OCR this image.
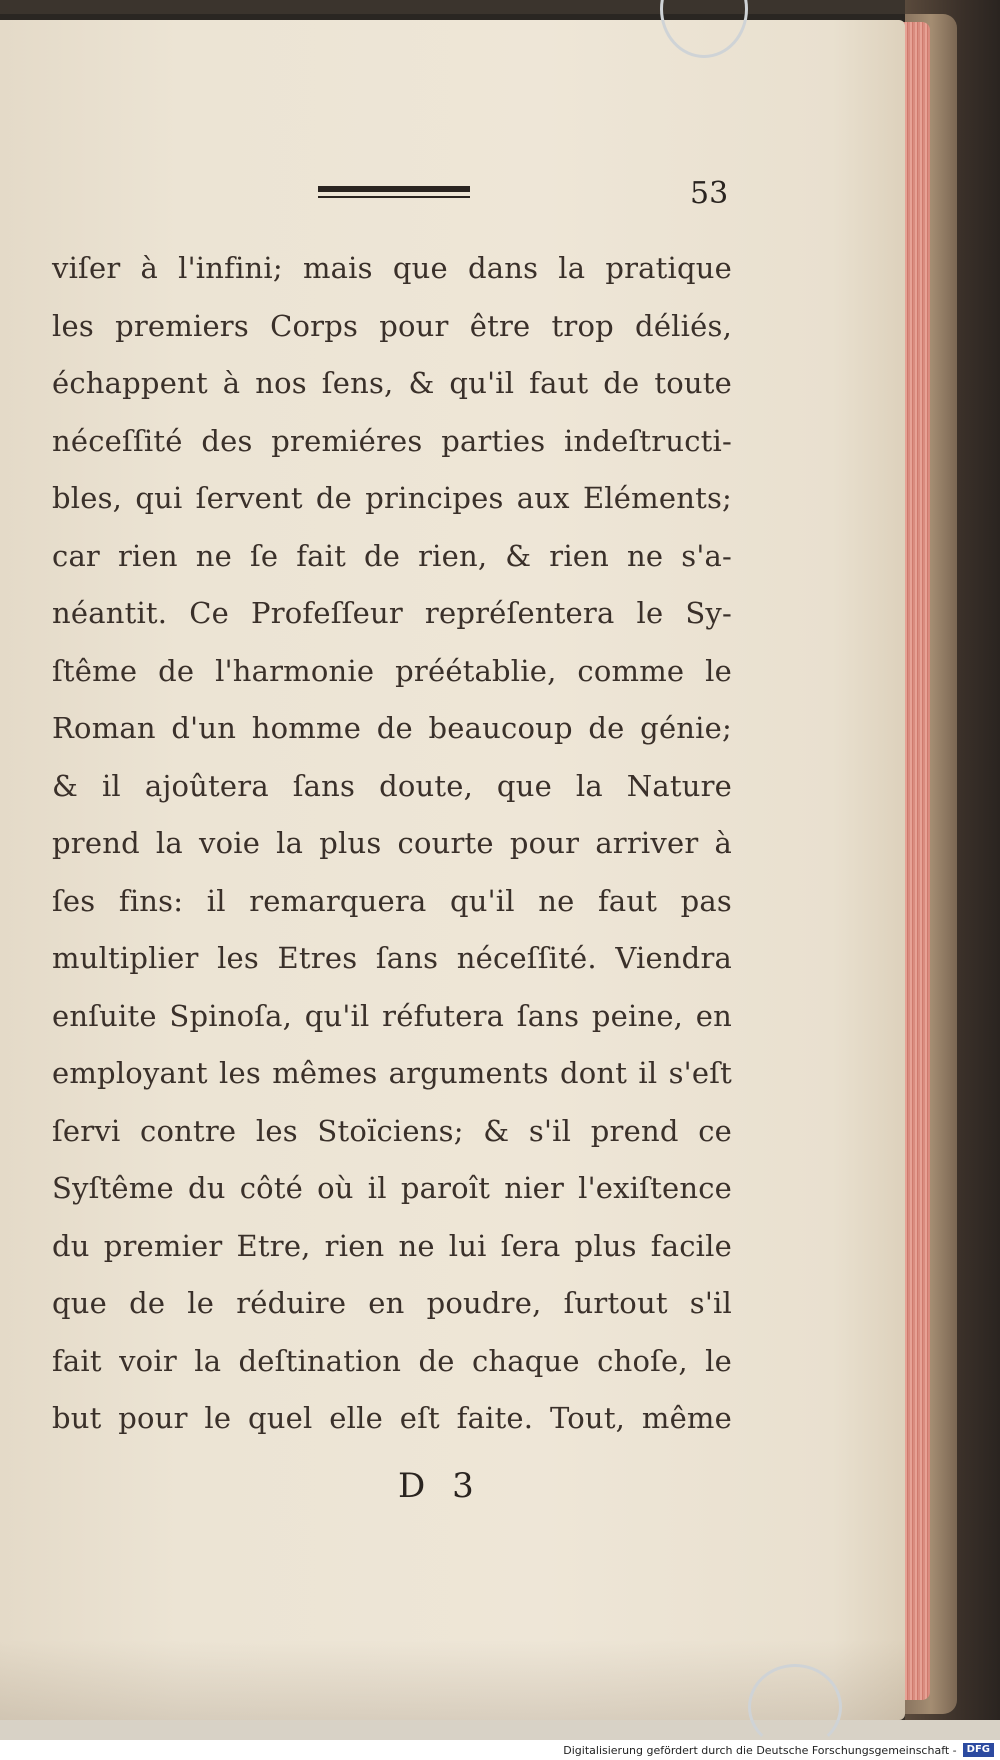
53
viſer à l'infini; mais que dans la pratique
les premiers Corps pour être trop déliés,
échappent à nos ſens, & qu'il faut de toute
néceſſité des premiéres parties indeſtructi-
bles, qui ſervent de principes aux Eléments;
car rien ne ſe fait de rien, & rien ne s'a-
néantit. Ce Profeſſeur repréſentera le Sy-
ſtême de l'harmonie préétablie, comme le
Roman d'un homme de beaucoup de génie;
& il ajoûtera ſans doute, que la Nature
prend la voie la plus courte pour arriver à
ſes fins: il remarquera qu'il ne faut pas
multiplier les Etres ſans néceſſité. Viendra
enſuite Spinoſa, qu'il réfutera ſans peine, en
employant les mêmes arguments dont il s'eſt
ſervi contre les Stoïciens; & s'il prend ce
Syſtême du côté où il paroît nier l'exiſtence
du premier Etre, rien ne lui ſera plus facile
que de le réduire en poudre, ſurtout s'il
fait voir la deſtination de chaque choſe, le
but pour le quel elle eſt faite. Tout, même
D 3
Digitalisierung gefördert durch die Deutsche Forschungsgemeinschaft -	DFG
